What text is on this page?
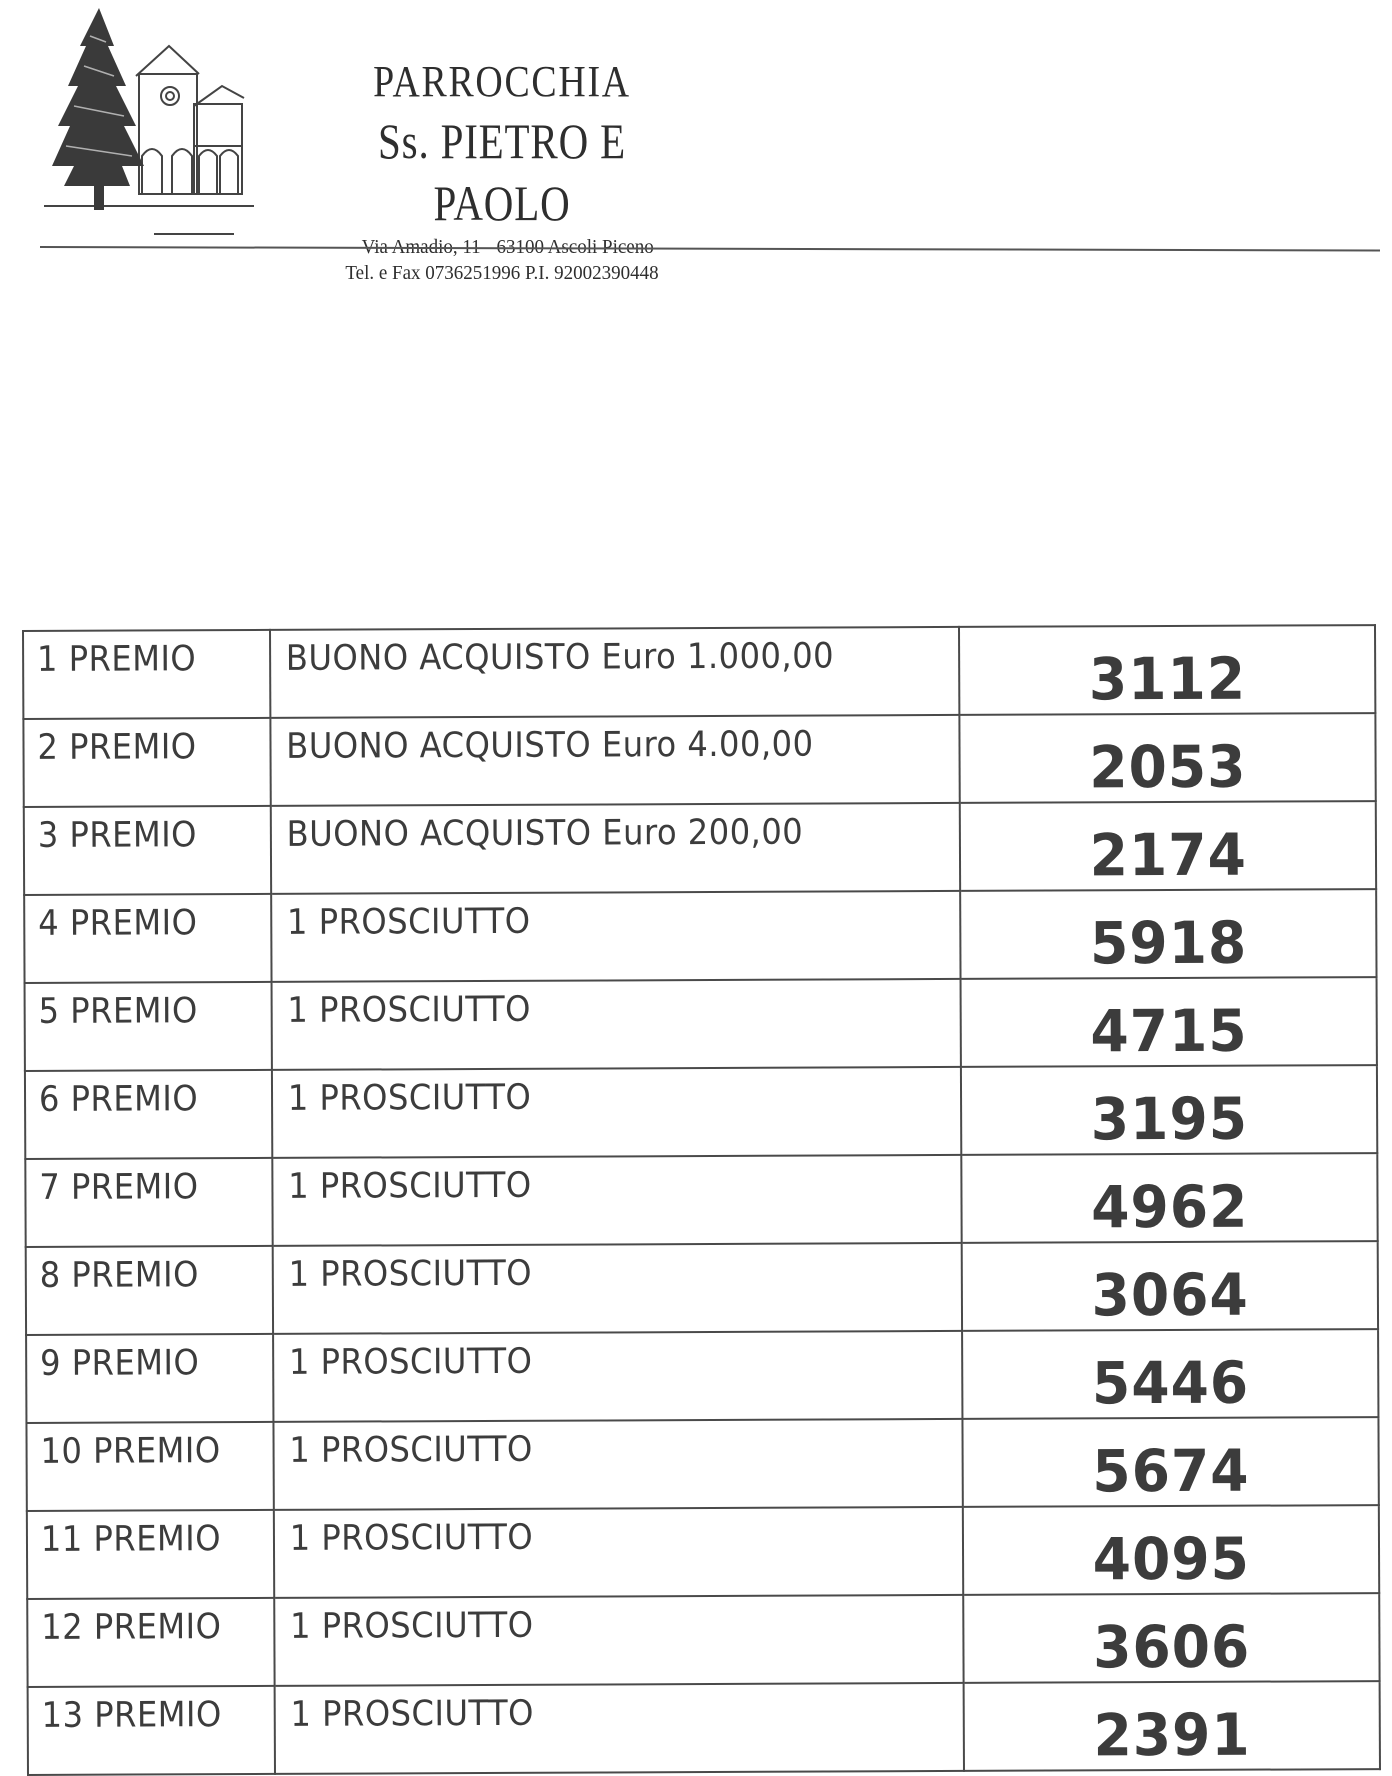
PARROCCHIA
Ss. PIETRO E PAOLO
Via Amadio, 11 - 63100 Ascoli Piceno
Tel. e Fax 0736251996 P.I. 92002390448
1 PREMIO	BUONO ACQUISTO Euro 1.000,00	3112

2 PREMIO	BUONO ACQUISTO Euro 4.00,00	2053

3 PREMIO	BUONO ACQUISTO Euro 200,00	2174

4 PREMIO	1 PROSCIUTTO	5918

5 PREMIO	1 PROSCIUTTO	4715

6 PREMIO	1 PROSCIUTTO	3195

7 PREMIO	1 PROSCIUTTO	4962

8 PREMIO	1 PROSCIUTTO	3064

9 PREMIO	1 PROSCIUTTO	5446

10 PREMIO	1 PROSCIUTTO	5674

11 PREMIO	1 PROSCIUTTO	4095

12 PREMIO	1 PROSCIUTTO	3606

13 PREMIO	1 PROSCIUTTO	2391
